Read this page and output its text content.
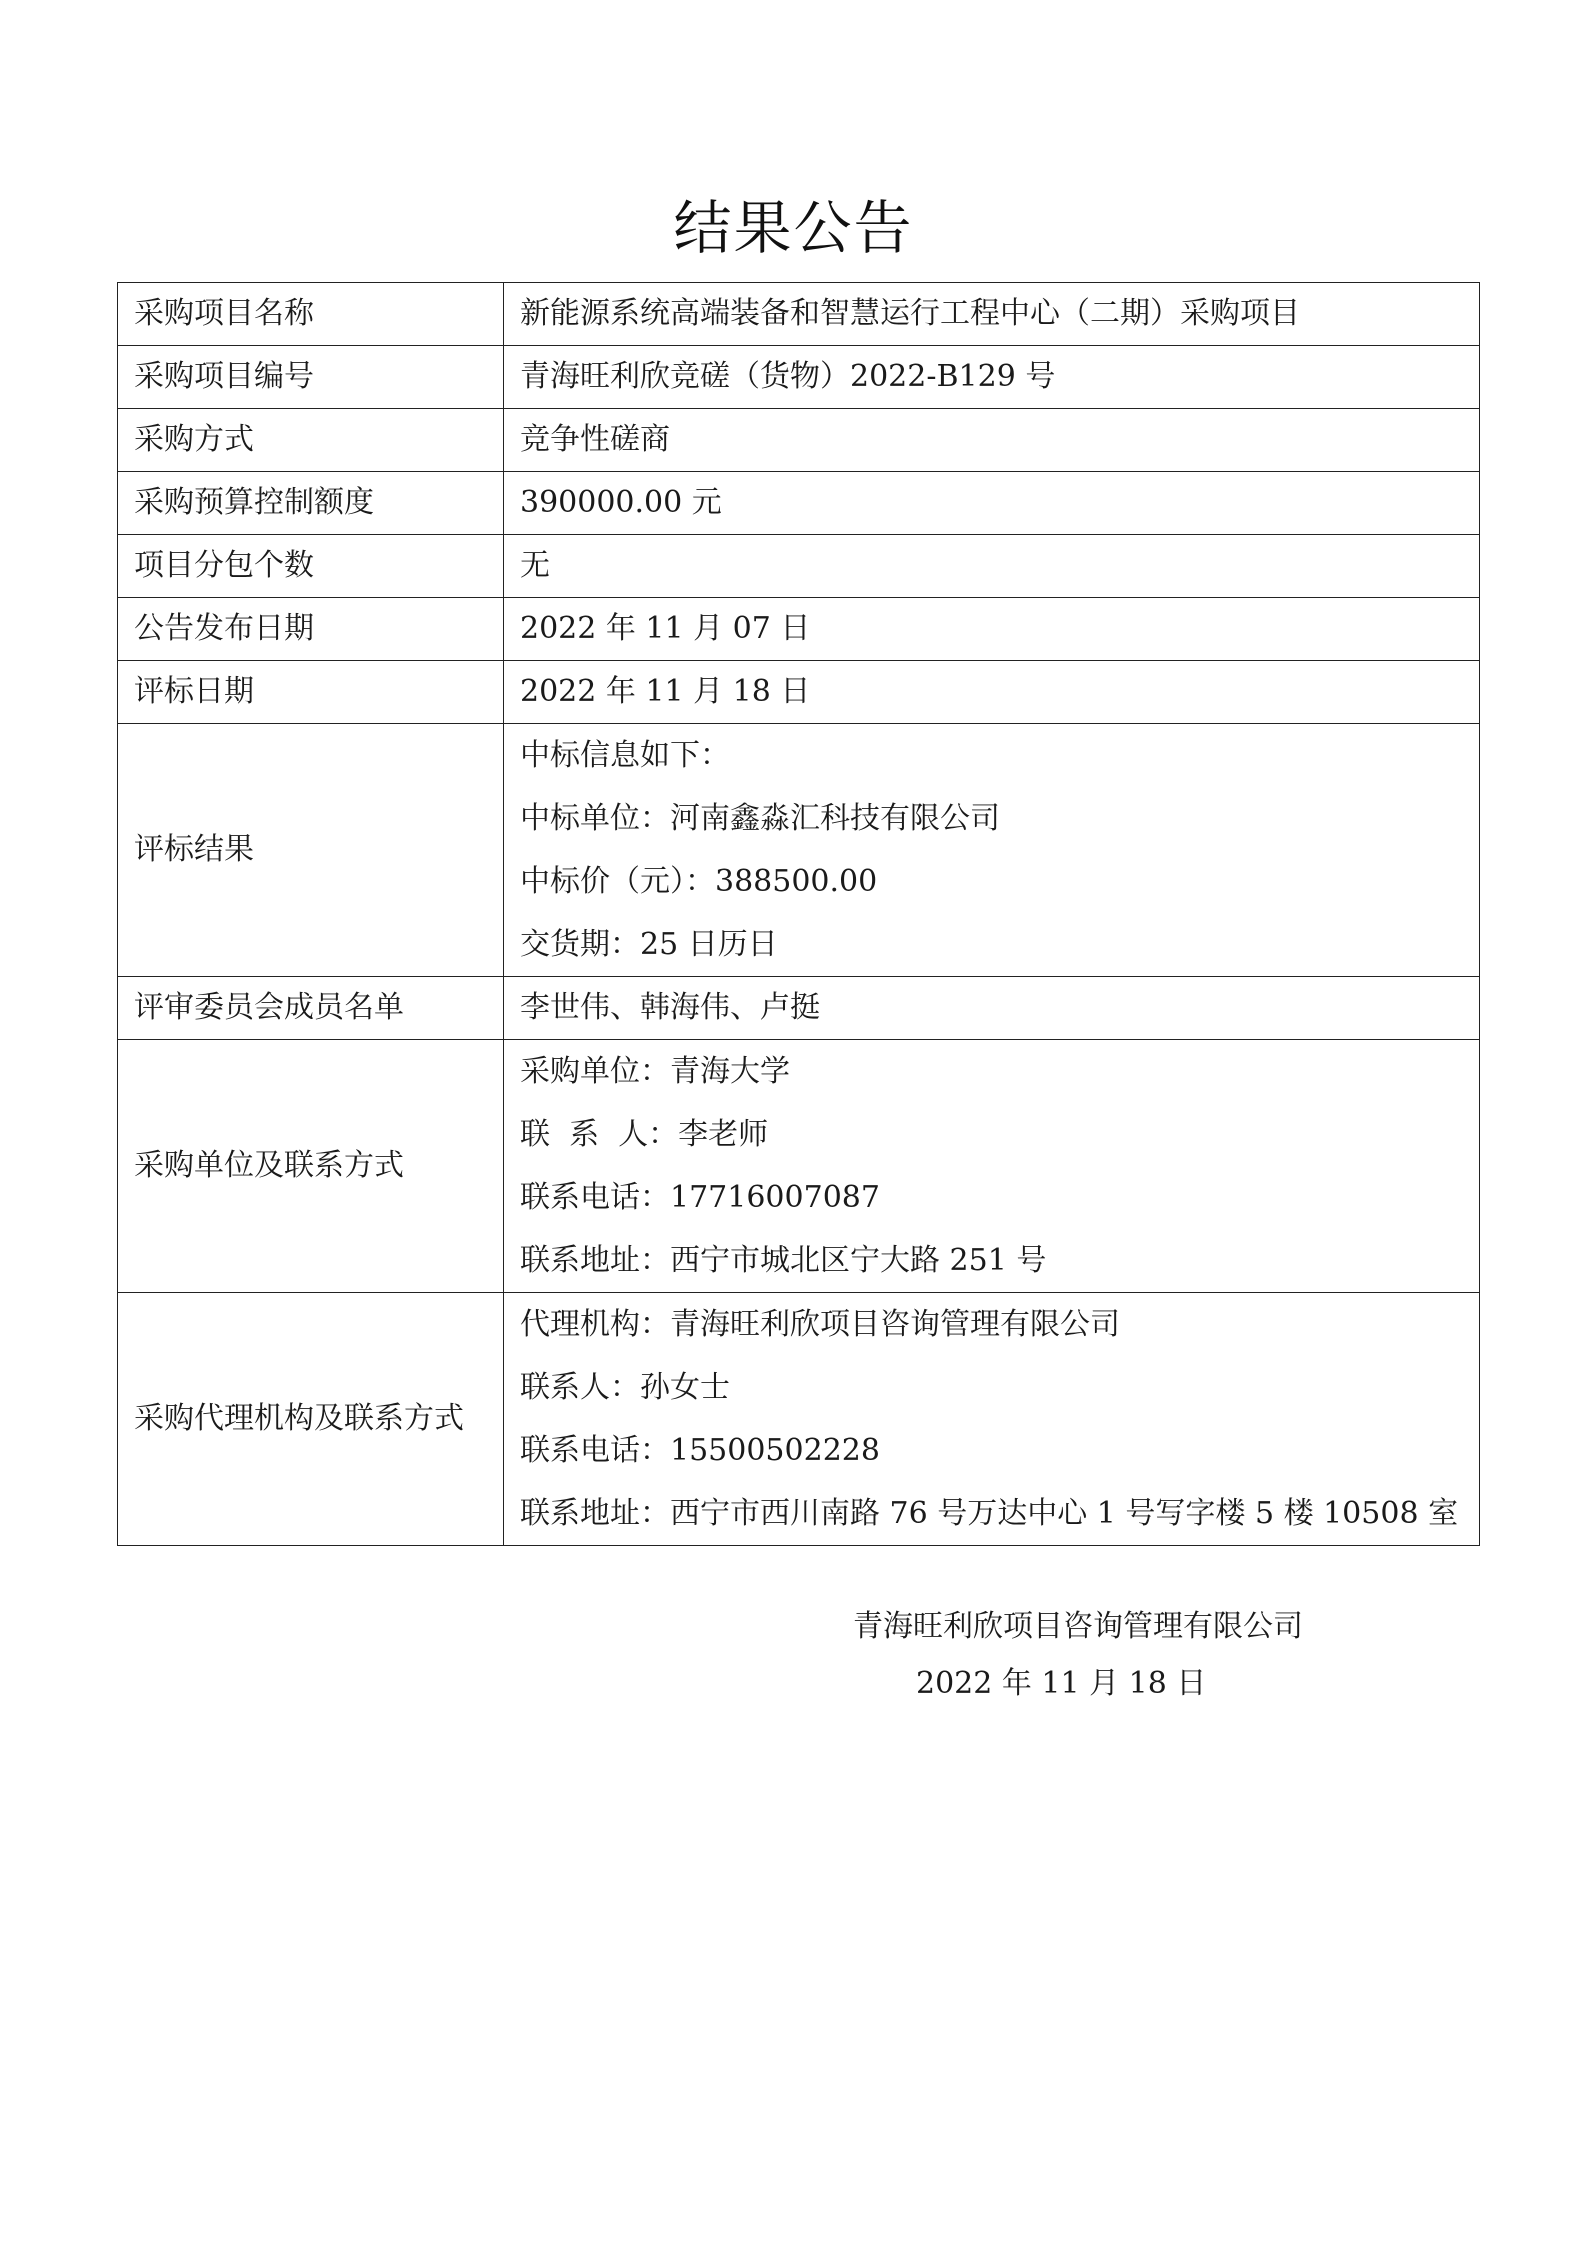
结果公告
采购项目名称	新能源系统高端装备和智慧运行工程中心（二期）采购项目
采购项目编号	青海旺利欣竞磋（货物）2022-B129 号
采购方式	竞争性磋商
采购预算控制额度	390000.00 元
项目分包个数	无
公告发布日期	2022 年 11 月 07 日
评标日期	2022 年 11 月 18 日
评标结果	中标信息如下：
中标单位：河南鑫淼汇科技有限公司
中标价（元）：388500.00
交货期：25 日历日

评审委员会成员名单	李世伟、韩海伟、卢挺
采购单位及联系方式	采购单位：青海大学
联  系  人：李老师
联系电话：17716007087
联系地址：西宁市城北区宁大路 251 号

采购代理机构及联系方式	代理机构：青海旺利欣项目咨询管理有限公司
联系人：孙女士
联系电话：15500502228
联系地址：西宁市西川南路 76 号万达中心 1 号写字楼 5 楼 10508 室
青海旺利欣项目咨询管理有限公司
2022 年 11 月 18 日
